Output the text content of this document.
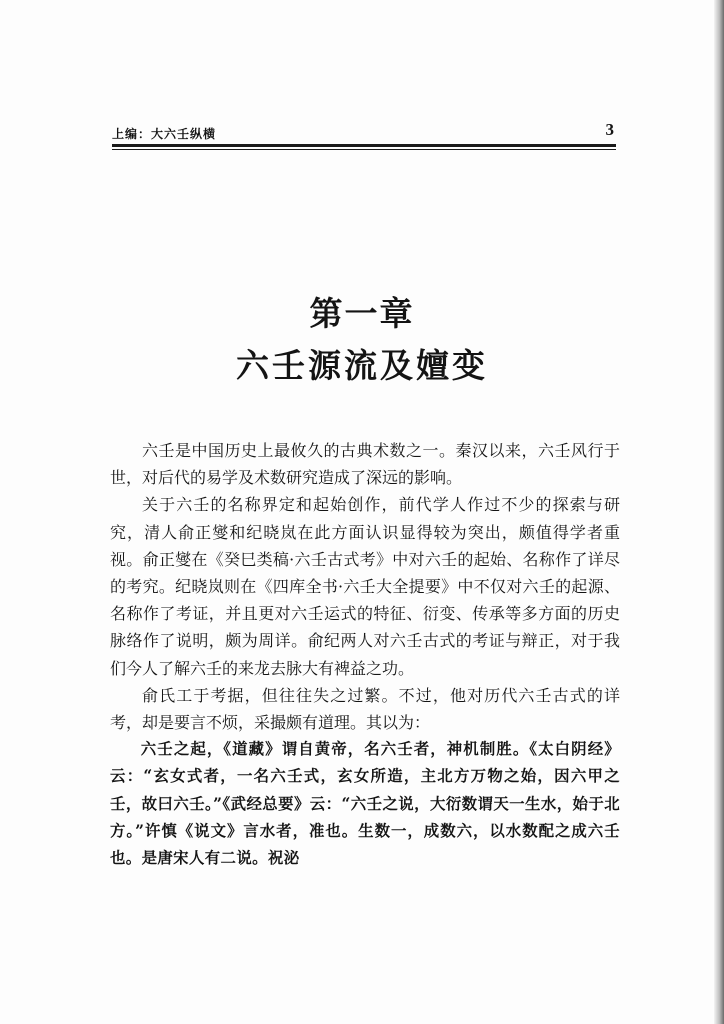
上编：大六壬纵横	3
第一章
六壬源流及嬗变

六壬是中国历史上最攸久的古典术数之一。秦汉以来，六壬风行于世，对后代的易学及术数研究造成了深远的影响。

关于六壬的名称界定和起始创作，前代学人作过不少的探索与研究，清人俞正燮和纪晓岚在此方面认识显得较为突出，颇值得学者重视。俞正燮在《癸巳类稿·六壬古式考》中对六壬的起始、名称作了详尽的考究。纪晓岚则在《四库全书·六壬大全提要》中不仅对六壬的起源、名称作了考证，并且更对六壬运式的特征、衍变、传承等多方面的历史脉络作了说明，颇为周详。俞纪两人对六壬古式的考证与辩正，对于我们今人了解六壬的来龙去脉大有裨益之功。

俞氏工于考据，但往往失之过繁。不过，他对历代六壬古式的详考，却是要言不烦，采撮颇有道理。其以为：

六壬之起，《道藏》谓自黄帝，名六壬者，神机制胜。《太白阴经》云：“玄女式者，一名六壬式，玄女所造，主北方万物之始，因六甲之壬，故曰六壬。”《武经总要》云：“六壬之说，大衍数谓天一生水，始于北方。”许慎《说文》言水者，准也。生数一，成数六，以水数配之成六壬也。是唐宋人有二说。祝泌
